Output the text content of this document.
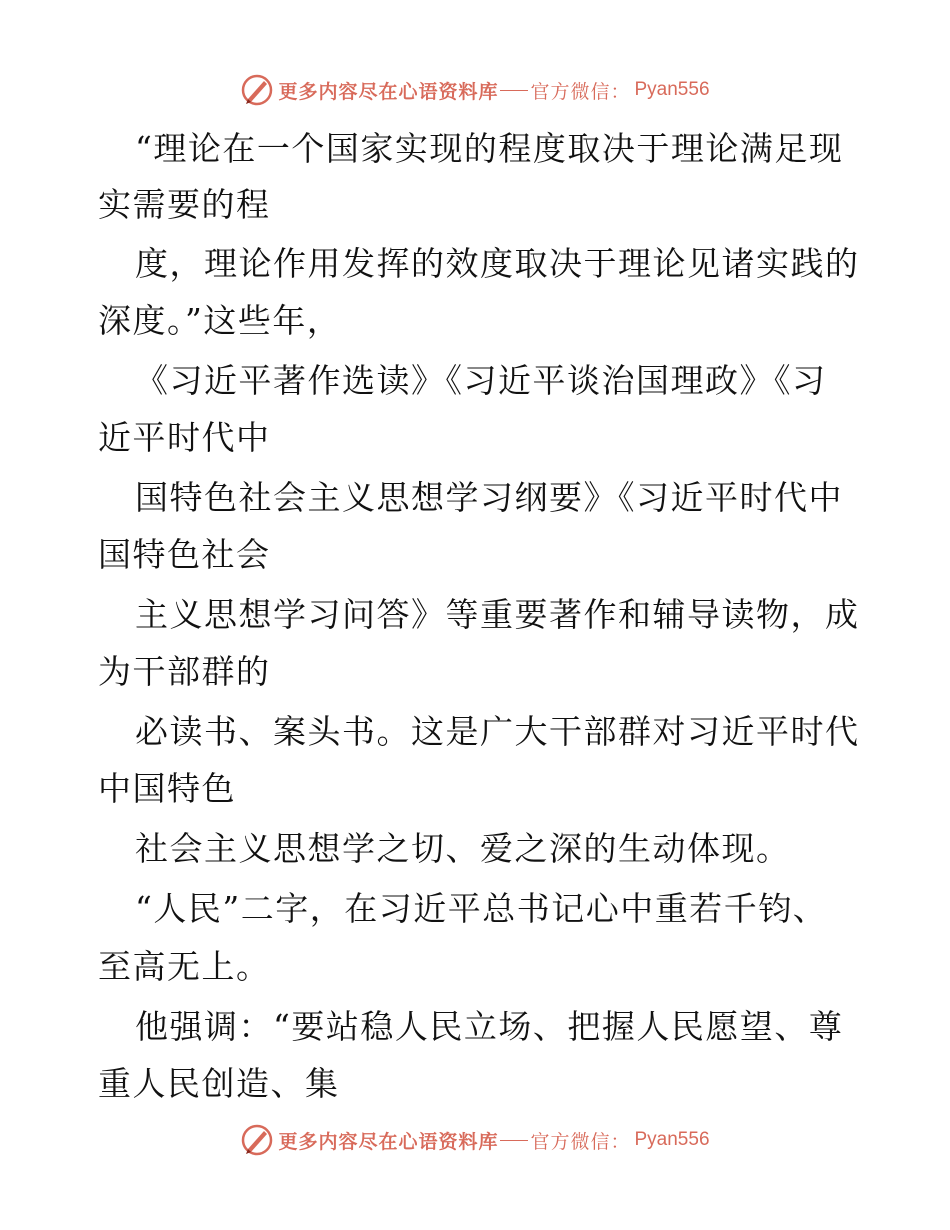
更多内容尽在心语资料库 官方微信： Pyan556
“理论在一个国家实现的程度取决于理论满足现
实需要的程
度，理论作用发挥的效度取决于理论见诸实践的
深度。”这些年，
《习近平著作选读》《习近平谈治国理政》《习
近平时代中
国特色社会主义思想学习纲要》《习近平时代中
国特色社会
主义思想学习问答》等重要著作和辅导读物，成
为干部群的
必读书、案头书。这是广大干部群对习近平时代
中国特色
社会主义思想学之切、爱之深的生动体现。
“人民”二字，在习近平总书记心中重若千钧、
至高无上。
他强调：“要站稳人民立场、把握人民愿望、尊
重人民创造、集
更多内容尽在心语资料库 官方微信： Pyan556
